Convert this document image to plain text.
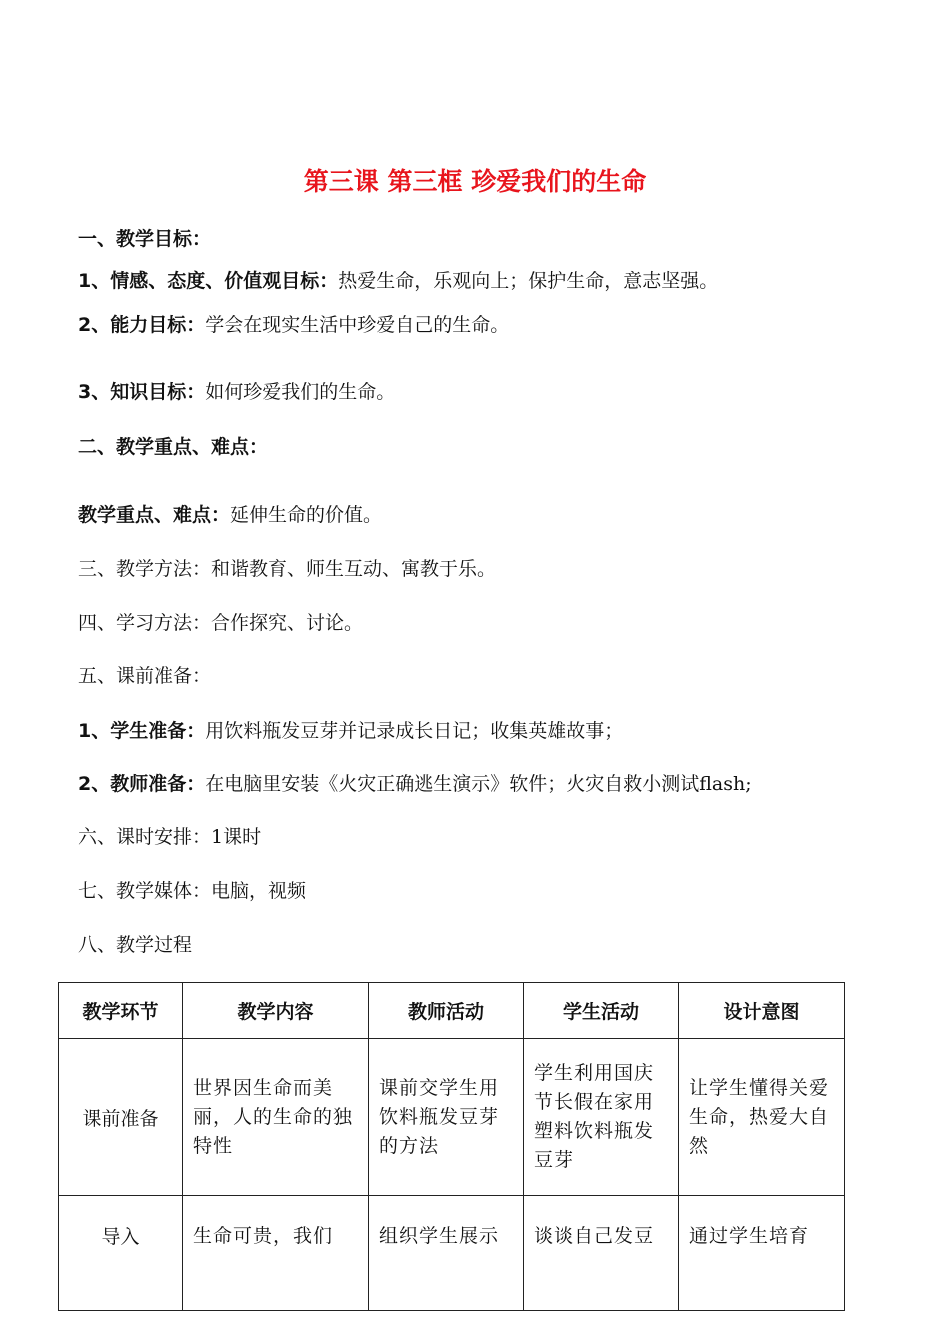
第三课 第三框 珍爱我们的生命
一、教学目标：
1、情感、态度、价值观目标：热爱生命，乐观向上；保护生命，意志坚强。
2、能力目标：学会在现实生活中珍爱自己的生命。
3、知识目标：如何珍爱我们的生命。
二、教学重点、难点：
教学重点、难点：延伸生命的价值。
三、教学方法：和谐教育、师生互动、寓教于乐。
四、学习方法：合作探究、讨论。
五、课前准备：
1、学生准备：用饮料瓶发豆芽并记录成长日记；收集英雄故事；
2、教师准备：在电脑里安装《火灾正确逃生演示》软件；火灾自救小测试flash;
六、课时安排：1课时
七、教学媒体：电脑，视频
八、教学过程
教学环节	教学内容	教师活动	学生活动	设计意图
课前准备	世界因生命而美丽，人的生命的独特性	课前交学生用饮料瓶发豆芽的方法	学生利用国庆节长假在家用塑料饮料瓶发豆芽	让学生懂得关爱生命，热爱大自然
导入	生命可贵，我们	组织学生展示	谈谈自己发豆	通过学生培育
